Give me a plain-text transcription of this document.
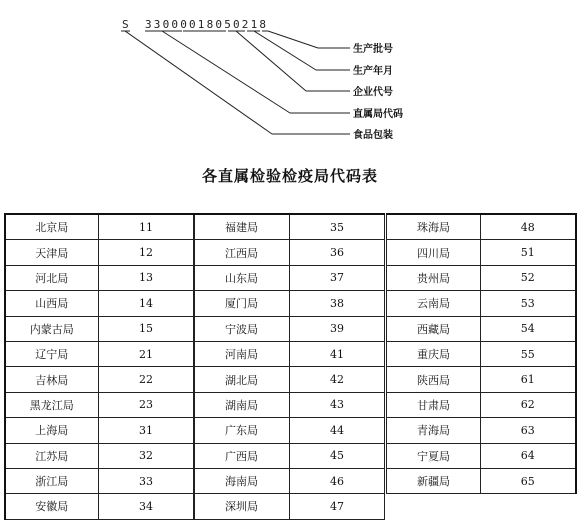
S 3 3 0 0 0 0 1 8 0 5 0 2 1 8
生产批号
生产年月
企业代号
直属局代码
食品包装
各直属检验检疫局代码表
北京局	11
天津局	12
河北局	13
山西局	14
内蒙古局	15
辽宁局	21
吉林局	22
黑龙江局	23
上海局	31
江苏局	32
浙江局	33
安徽局	34
福建局	35
江西局	36
山东局	37
厦门局	38
宁波局	39
河南局	41
湖北局	42
湖南局	43
广东局	44
广西局	45
海南局	46
深圳局	47
珠海局	48
四川局	51
贵州局	52
云南局	53
西藏局	54
重庆局	55
陕西局	61
甘肃局	62
青海局	63
宁夏局	64
新疆局	65
